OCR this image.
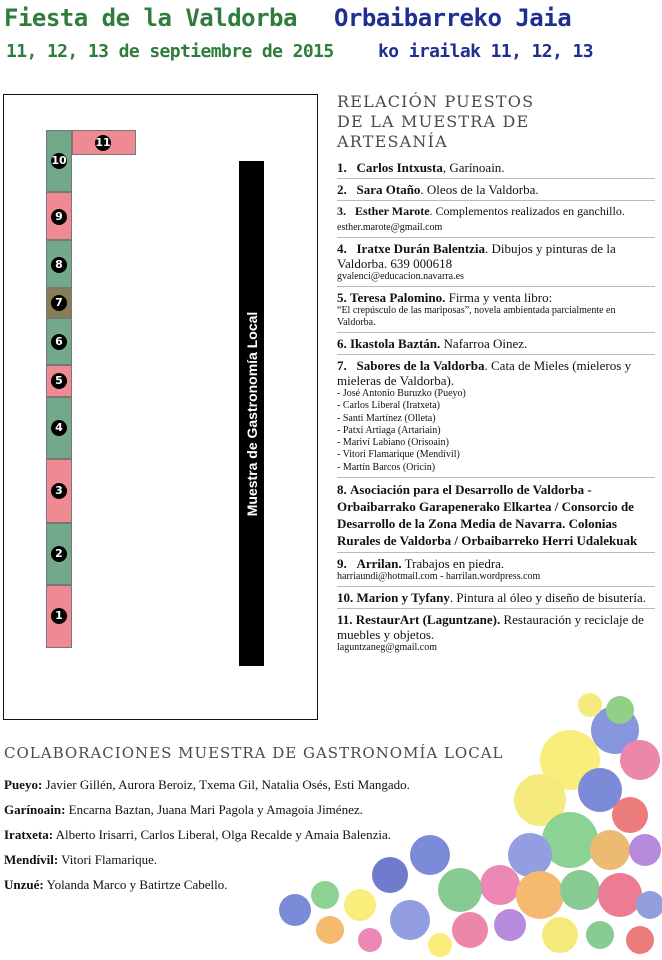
Fiesta de la Valdorba Orbaibarreko Jaia
11, 12, 13 de septiembre de 2015 ko irailak 11, 12, 13
11
10
9
8
7
6
5
4
3
2
1
Muestra de Gastronomía Local
RELACIÓN PUESTOS DE LA MUESTRA DE ARTESANÍA
1. Carlos Intxusta, Garínoain.
2. Sara Otaño. Oleos de la Valdorba.
3. Esther Marote. Complementos realizados en ganchillo. esther.marote@gmail.com
4. Iratxe Durán Balentzia. Dibujos y pinturas de la Valdorba. 639 000618
gvalenci@educacion.navarra.es
5. Teresa Palomino. Firma y venta libro:
“El crepúsculo de las mariposas”, novela ambientada parcialmente en Valdorba.
6. Ikastola Baztán. Nafarroa Oinez.
7. Sabores de la Valdorba. Cata de Mieles (mieleros y mieleras de Valdorba).
- José Antonio Buruzko (Pueyo)
- Carlos Liberal (Iratxeta)
- Santi Martínez (Olleta)
- Patxi Artiaga (Artariain)
- Mariví Labiano (Orisoain)
- Vitori Flamarique (Mendívil)
- Martín Barcos (Oricin)
8. Asociación para el Desarrollo de Valdorba - Orbaibarrako Garapenerako Elkartea / Consorcio de Desarrollo de la Zona Media de Navarra. Colonias Rurales de Valdorba / Orbaibarreko Herri Udalekuak
9. Arrilan. Trabajos en piedra.
harriaundi@hotmail.com - harrilan.wordpress.com
10. Marion y Tyfany. Pintura al óleo y diseño de bisutería.
11. RestaurArt (Laguntzane). Restauración y reciclaje de muebles y objetos.
laguntzaneg@gmail.com
COLABORACIONES MUESTRA DE GASTRONOMÍA LOCAL
Pueyo: Javier Gillén, Aurora Beroiz, Txema Gil, Natalia Osés, Esti Mangado.
Garínoain: Encarna Baztan, Juana Mari Pagola y Amagoia Jiménez.
Iratxeta: Alberto Irisarri, Carlos Liberal, Olga Recalde y Amaia Balenzia.
Mendívil: Vitori Flamarique.
Unzué: Yolanda Marco y Batirtze Cabello.
